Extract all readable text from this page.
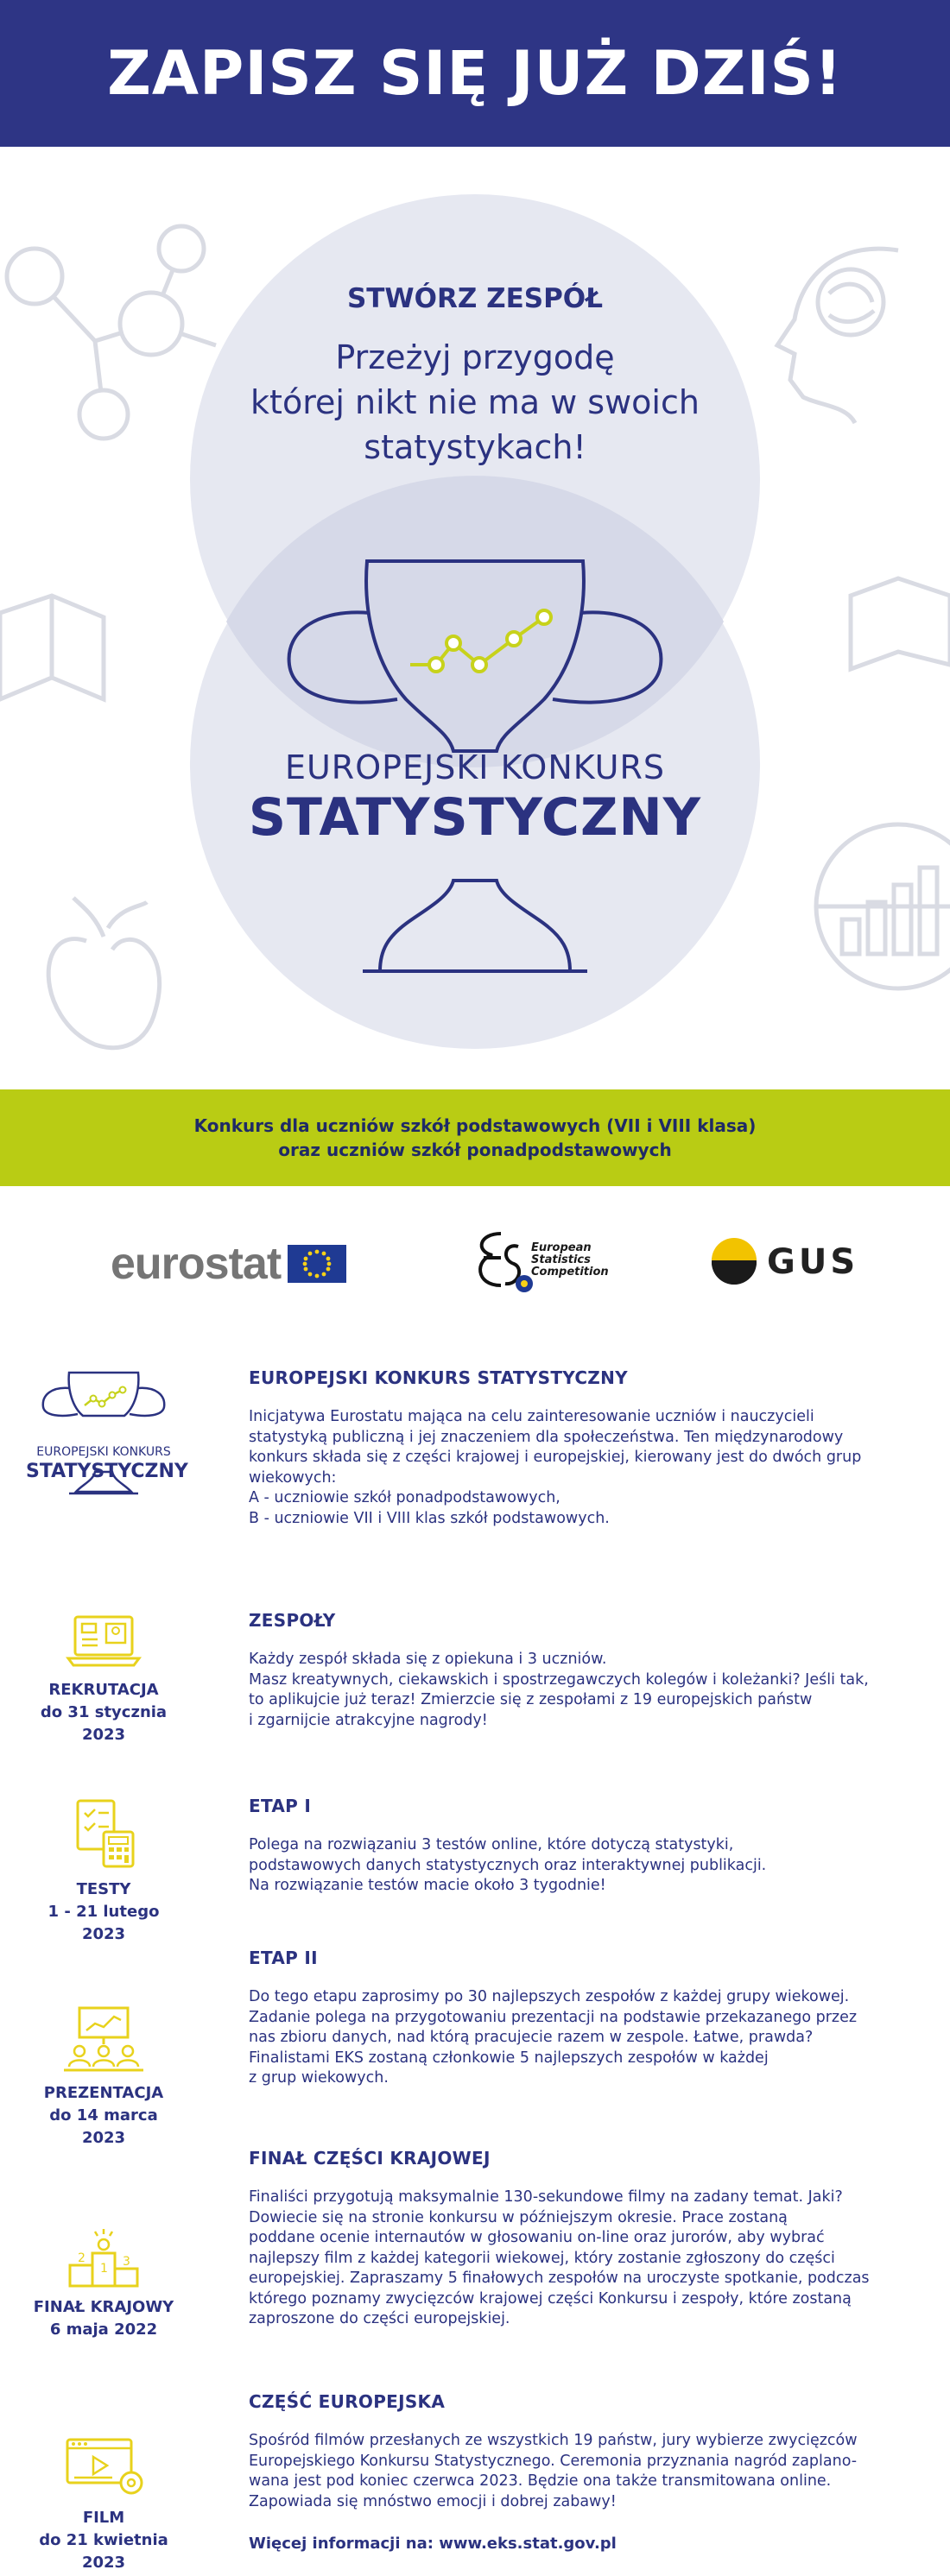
ZAPISZ SIĘ JUŻ DZIŚ!
STWÓRZ ZESPÓŁ
Przeżyj przygodę
której nikt nie ma w swoich
statystykach!
EUROPEJSKI KONKURS
STATYSTYCZNY

Konkurs dla uczniów szkół podstawowych (VII i VIII klasa)

oraz uczniów szkół ponadpodstawowych

eurostat	European
Statistics
Competition	GUS
EUROPEJSKI KONKURS
STATYSTYCZNY
EUROPEJSKI KONKURS STATYSTYCZNY
Inicjatywa Eurostatu mająca na celu zainteresowanie uczniów i nauczycieli
statystyką publiczną i jej znaczeniem dla społeczeństwa. Ten międzynarodowy
konkurs składa się z części krajowej i europejskiej, kierowany jest do dwóch grup
wiekowych:
A - uczniowie szkół ponadpodstawowych,
B - uczniowie VII i VIII klas szkół podstawowych.
REKRUTACJA
do 31 stycznia 2023
ZESPOŁY
Każdy zespół składa się z opiekuna i 3 uczniów.
Masz kreatywnych, ciekawskich i spostrzegawczych kolegów i koleżanki? Jeśli tak,
to aplikujcie już teraz! Zmierzcie się z zespołami z 19 europejskich państw
i zgarnijcie atrakcyjne nagrody!
TESTY
1 - 21 lutego 2023
ETAP I
Polega na rozwiązaniu 3 testów online, które dotyczą statystyki,
podstawowych danych statystycznych oraz interaktywnej publikacji.
Na rozwiązanie testów macie około 3 tygodnie!
PREZENTACJA
do 14 marca 2023
ETAP II
Do tego etapu zaprosimy po 30 najlepszych zespołów z każdej grupy wiekowej.
Zadanie polega na przygotowaniu prezentacji na podstawie przekazanego przez
nas zbioru danych, nad którą pracujecie razem w zespole. Łatwe, prawda?
Finalistami EKS zostaną członkowie 5 najlepszych zespołów w każdej
z grup wiekowych.
1
2	3
FINAŁ KRAJOWY
6 maja 2022
FINAŁ CZĘŚCI KRAJOWEJ
Finaliści przygotują maksymalnie 130-sekundowe filmy na zadany temat. Jaki?
Dowiecie się na stronie konkursu w późniejszym okresie. Prace zostaną
poddane ocenie internautów w głosowaniu on-line oraz jurorów, aby wybrać
najlepszy film z każdej kategorii wiekowej, który zostanie zgłoszony do części
europejskiej. Zapraszamy 5 finałowych zespołów na uroczyste spotkanie, podczas
którego poznamy zwycięzców krajowej części Konkursu i zespoły, które zostaną
zaproszone do części europejskiej.
FILM
do 21 kwietnia 2023
CZĘŚĆ EUROPEJSKA
Spośród filmów przesłanych ze wszystkich 19 państw, jury wybierze zwycięzców
Europejskiego Konkursu Statystycznego. Ceremonia przyznania nagród zaplano-
wana jest pod koniec czerwca 2023. Będzie ona także transmitowana online.
Zapowiada się mnóstwo emocji i dobrej zabawy!
Więcej informacji na: www.eks.stat.gov.pl
